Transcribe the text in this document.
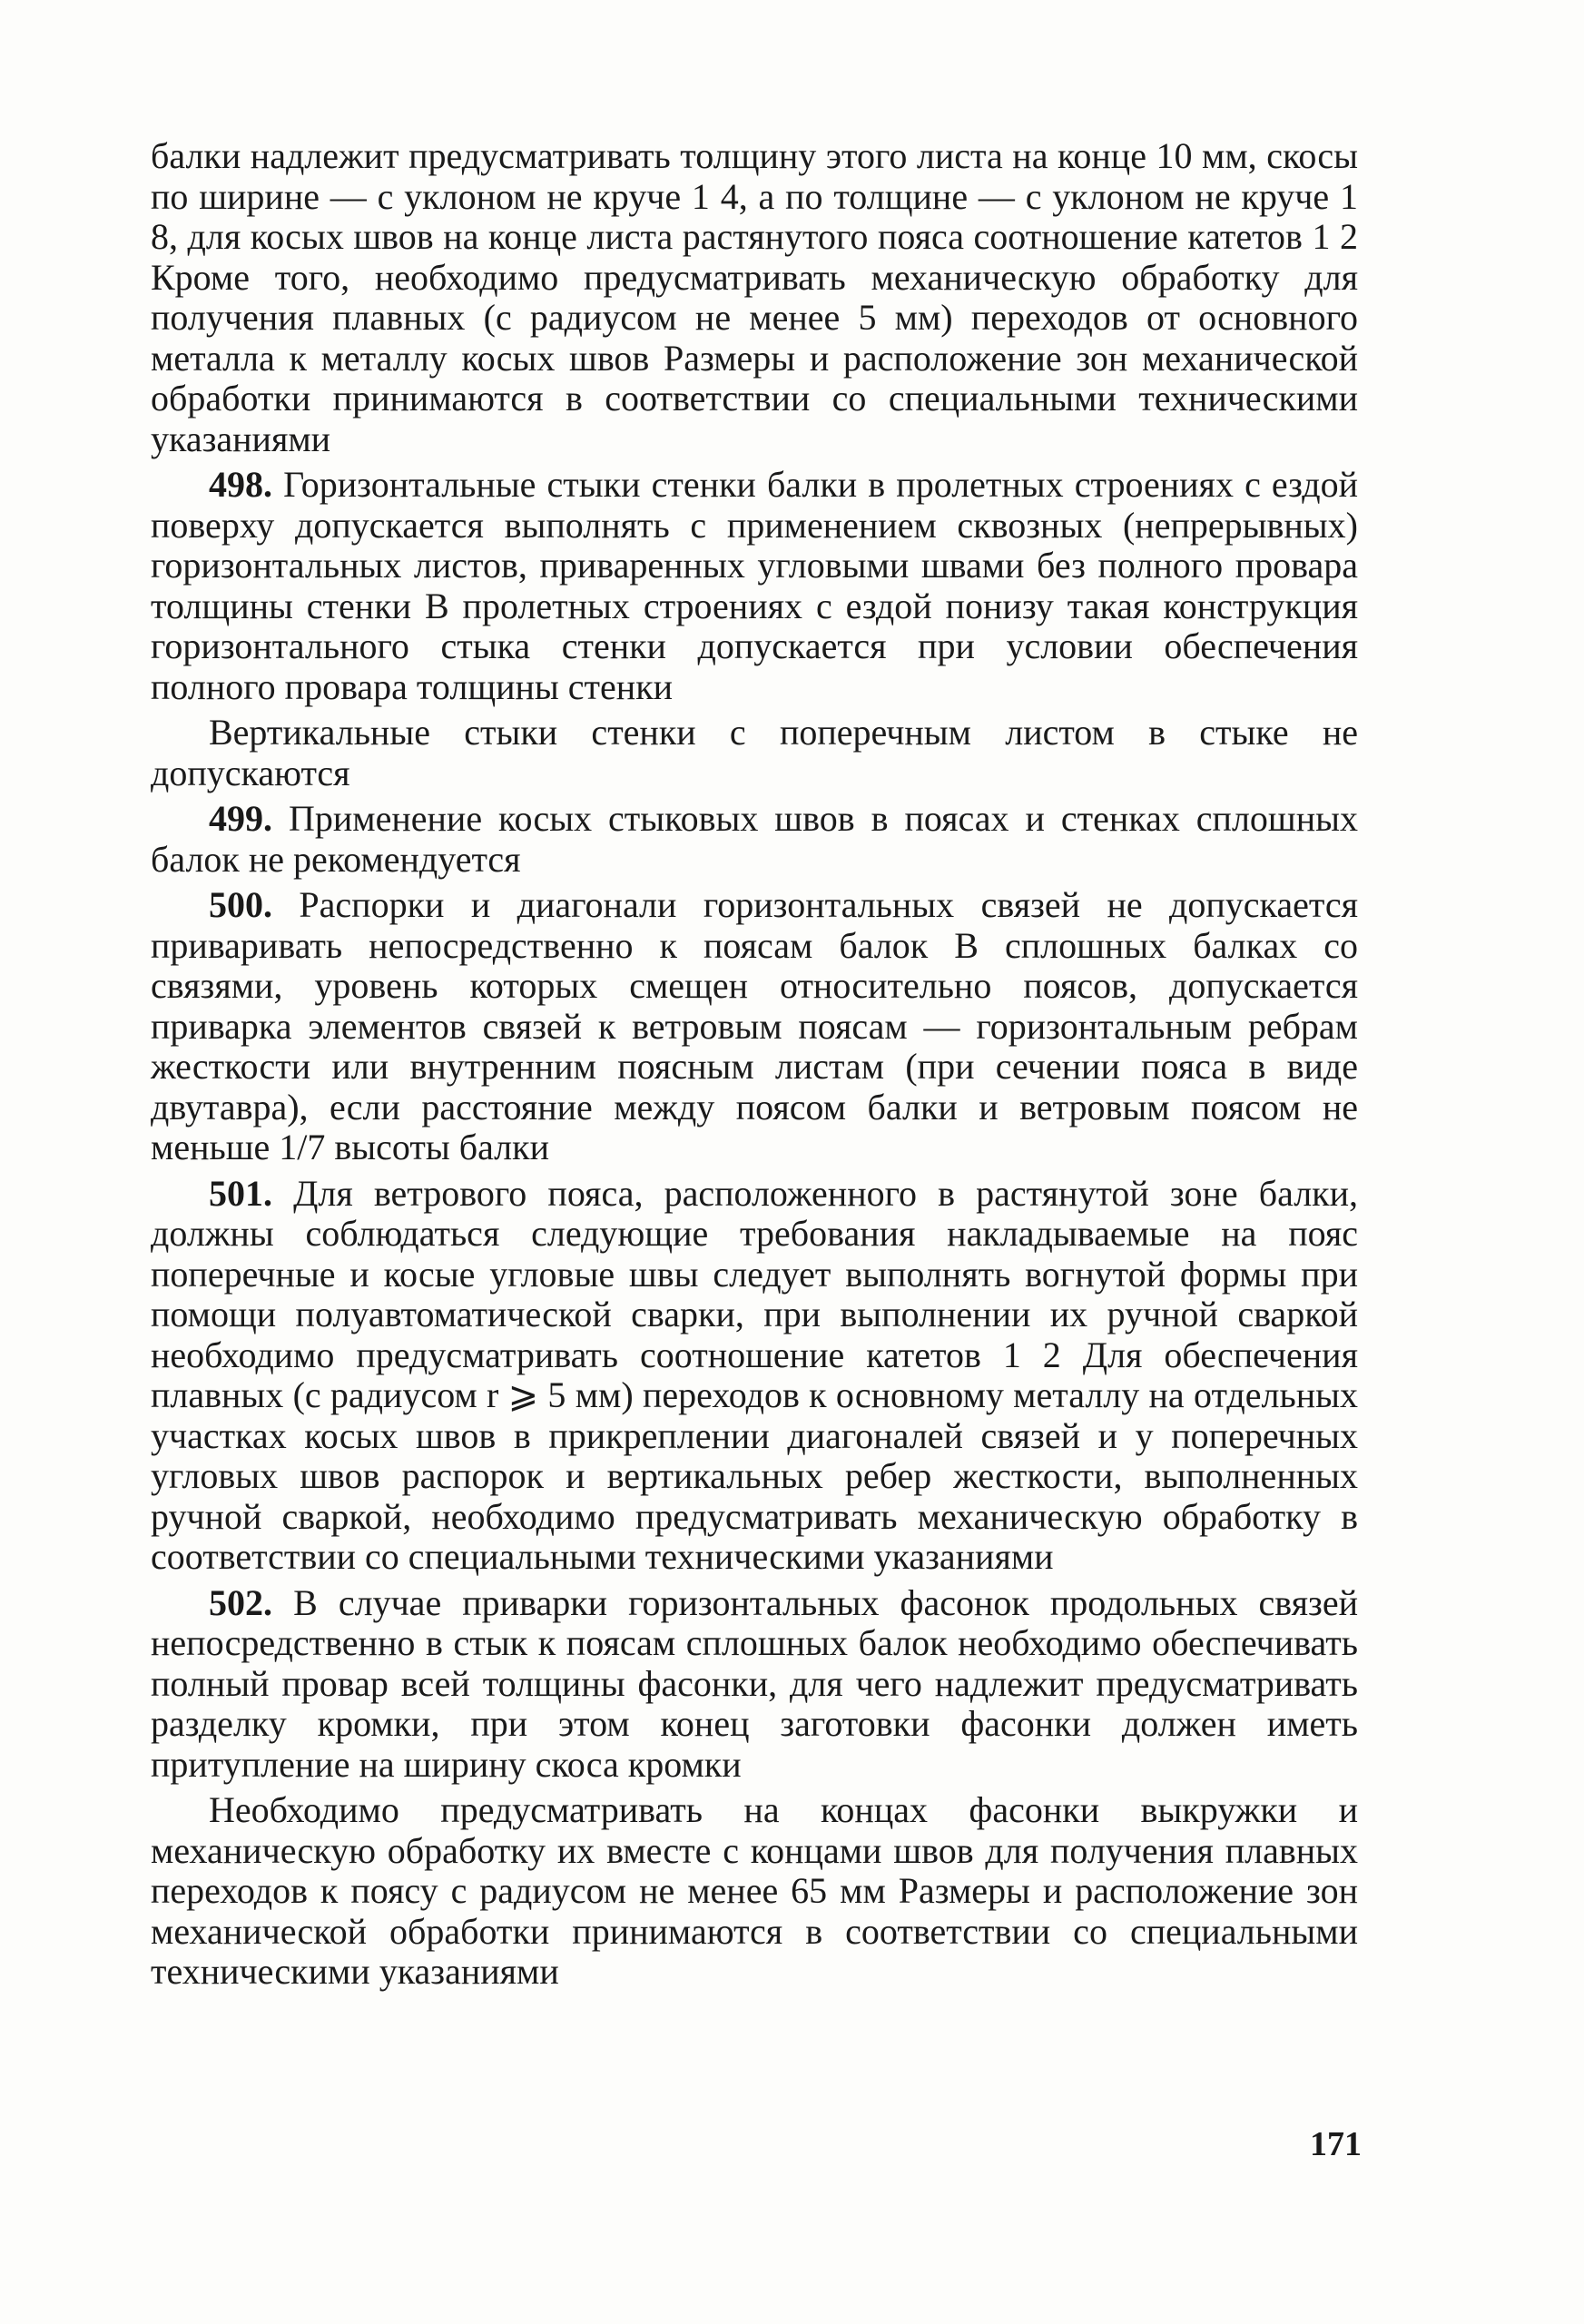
балки надлежит предусматривать толщину этого листа на конце 10 мм, скосы по ширине — с уклоном не круче 1 4, а по толщине — с уклоном не круче 1 8, для косых швов на конце листа растянутого пояса соотношение катетов 1 2 Кроме того, необходимо предусматривать механическую обработку для получения плавных (с радиусом не менее 5 мм) переходов от основного металла к металлу косых швов Размеры и расположение зон механической обработки принимаются в соответствии со специальными техническими указаниями

498. Горизонтальные стыки стенки балки в пролетных строениях с ездой поверху допускается выполнять с применением сквозных (непрерывных) горизонтальных листов, приваренных угловыми швами без полного провара толщины стенки В пролетных строениях с ездой понизу такая конструкция горизонтального стыка стенки допускается при условии обеспечения полного провара толщины стенки

Вертикальные стыки стенки с поперечным листом в стыке не допускаются

499. Применение косых стыковых швов в поясах и стенках сплошных балок не рекомендуется

500. Распорки и диагонали горизонтальных связей не допускается приваривать непосредственно к поясам балок В сплошных балках со связями, уровень которых смещен относительно поясов, допускается приварка элементов связей к ветровым поясам — горизонтальным ребрам жесткости или внутренним поясным листам (при сечении пояса в виде двутавра), если расстояние между поясом балки и ветровым поясом не меньше 1/7 высоты балки

501. Для ветрового пояса, расположенного в растянутой зоне балки, должны соблюдаться следующие требования накладываемые на пояс поперечные и косые угловые швы следует выполнять вогнутой формы при помощи полуавтоматической сварки, при выполнении их ручной сваркой необходимо предусматривать соотношение катетов 1 2 Для обеспечения плавных (с радиусом r ⩾ 5 мм) переходов к основному металлу на отдельных участках косых швов в прикреплении диагоналей связей и у поперечных угловых швов распорок и вертикальных ребер жесткости, выполненных ручной сваркой, необходимо предусматривать механическую обработку в соответствии со специальными техническими указаниями

502. В случае приварки горизонтальных фасонок продольных связей непосредственно в стык к поясам сплошных балок необходимо обеспечивать полный провар всей толщины фасонки, для чего надлежит предусматривать разделку кромки, при этом конец заготовки фасонки должен иметь притупление на ширину скоса кромки

Необходимо предусматривать на концах фасонки выкружки и механическую обработку их вместе с концами швов для получения плавных переходов к поясу с радиусом не менее 65 мм Размеры и расположение зон механической обработки принимаются в соответствии со специальными техническими указаниями

171
